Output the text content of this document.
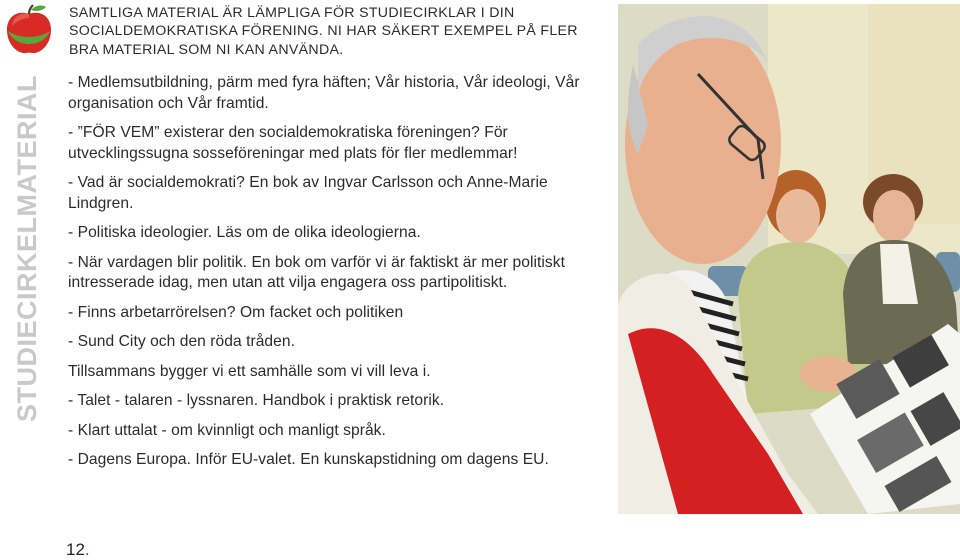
STUDIECIRKELMATERIAL
SAMTLIGA MATERIAL ÄR LÄMPLIGA FÖR STUDIECIRKLAR I DIN SOCIALDEMOKRATISKA FÖRENING. NI HAR SÄKERT EXEMPEL PÅ FLER BRA MATERIAL SOM NI KAN ANVÄNDA.
- Medlemsutbildning, pärm med fyra häften; Vår historia, Vår ideologi, Vår organisation och Vår framtid.
- ”FÖR VEM” existerar den socialdemokratiska föreningen? För utvecklingssugna sosseföreningar med plats för fler medlemmar!
- Vad är socialdemokrati? En bok av Ingvar Carlsson och Anne-Marie Lindgren.
- Politiska ideologier. Läs om de olika ideologierna.
- När vardagen blir politik. En bok om varför vi är faktiskt är mer politiskt intresserade idag, men utan att vilja engagera oss partipolitiskt.
- Finns arbetarrörelsen? Om facket och politiken
- Sund City och den röda tråden.
Tillsammans bygger vi ett samhälle som vi vill leva i.
- Talet - talaren - lyssnaren. Handbok i praktisk retorik.
- Klart uttalat - om kvinnligt och manligt språk.
- Dagens Europa. Inför EU-valet. En kunskapstidning om dagens EU.
12.
